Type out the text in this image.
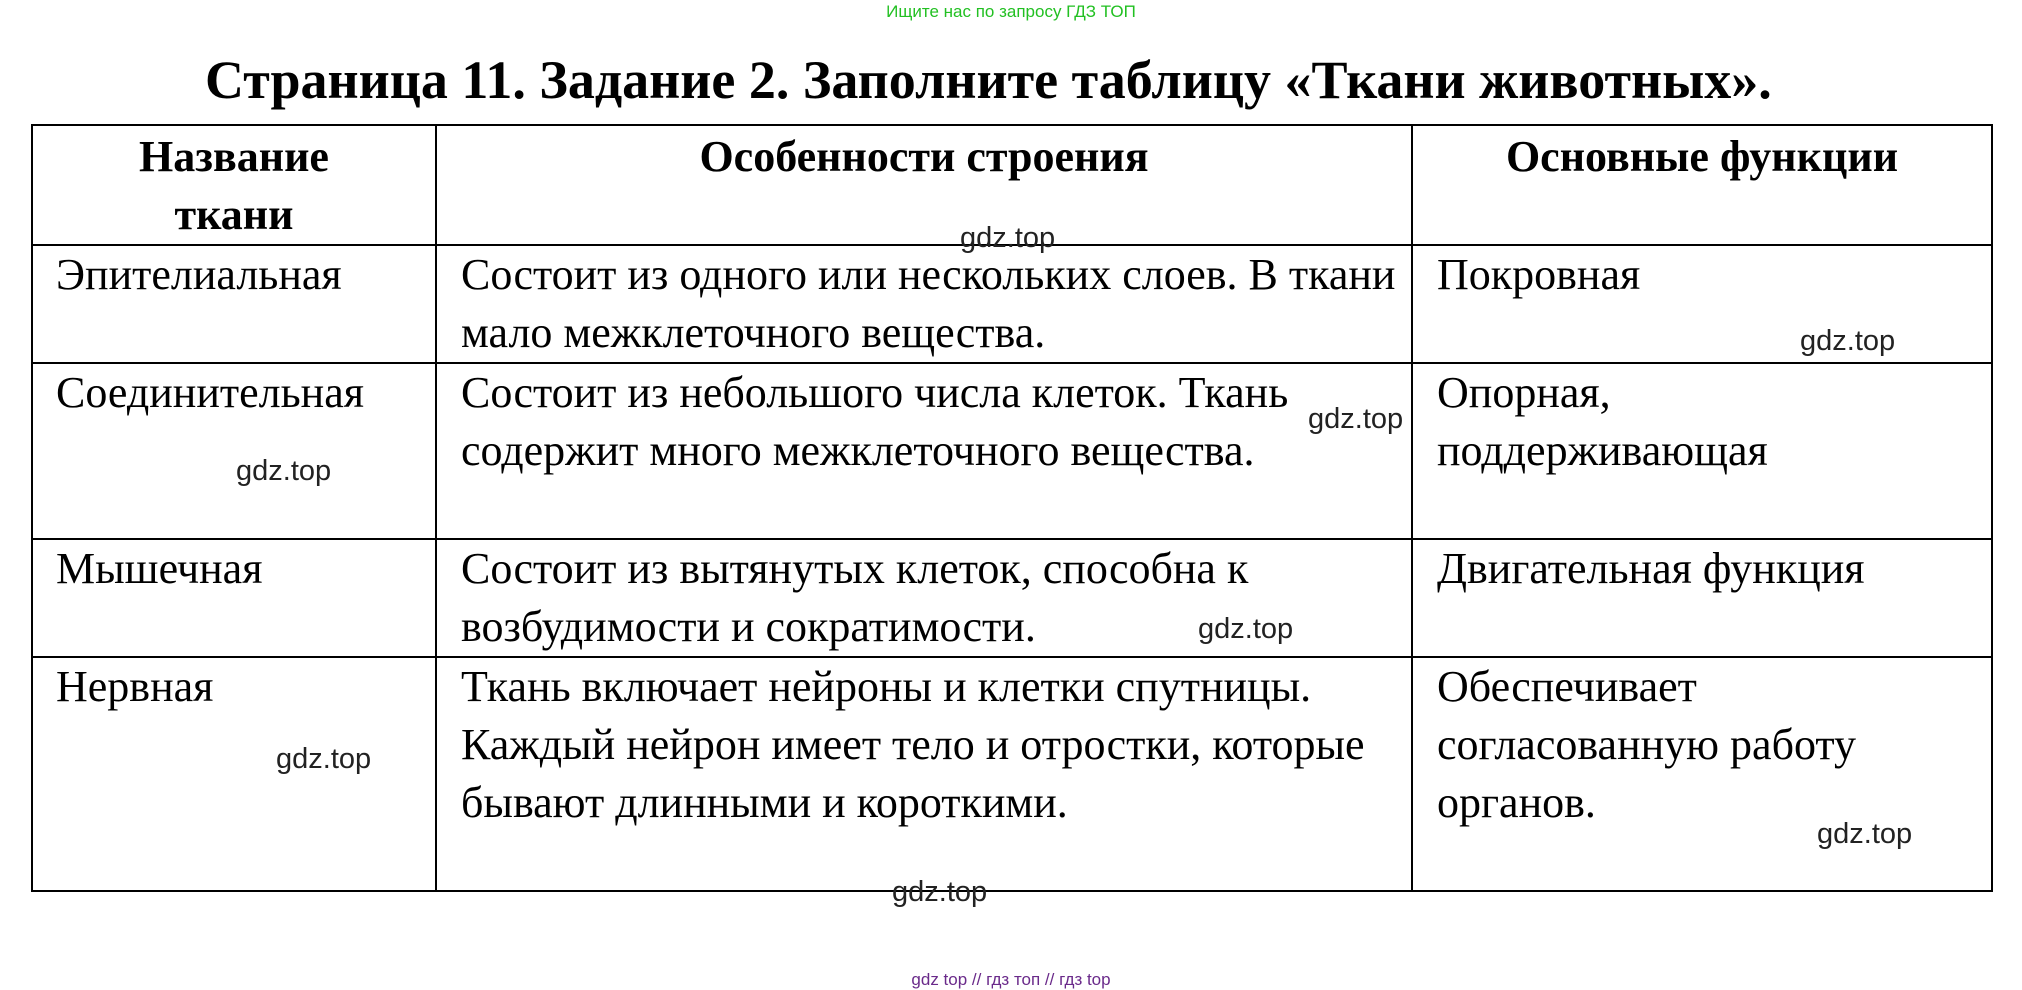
Ищите нас по запросу ГДЗ ТОП
Страница 11. Задание 2. Заполните таблицу «Ткани животных».
Название ткани	Особенности строения	Основные функции
Эпителиальная	Состоит из одного или нескольких слоев. В ткани мало межклеточного вещества.	Покровная
Соединительная	Состоит из небольшого числа клеток. Ткань содержит много межклеточного вещества.	Опорная, поддерживающая
Мышечная	Состоит из вытянутых клеток, способна к возбудимости и сократимости.	Двигательная функция
Нервная	Ткань включает нейроны и клетки спутницы. Каждый нейрон имеет тело и отростки, которые бывают длинными и короткими.	Обеспечивает согласованную работу органов.
gdz.top
gdz.top
gdz.top
gdz.top
gdz.top
gdz.top
gdz.top
gdz.top
gdz top // гдз топ // гдз top
